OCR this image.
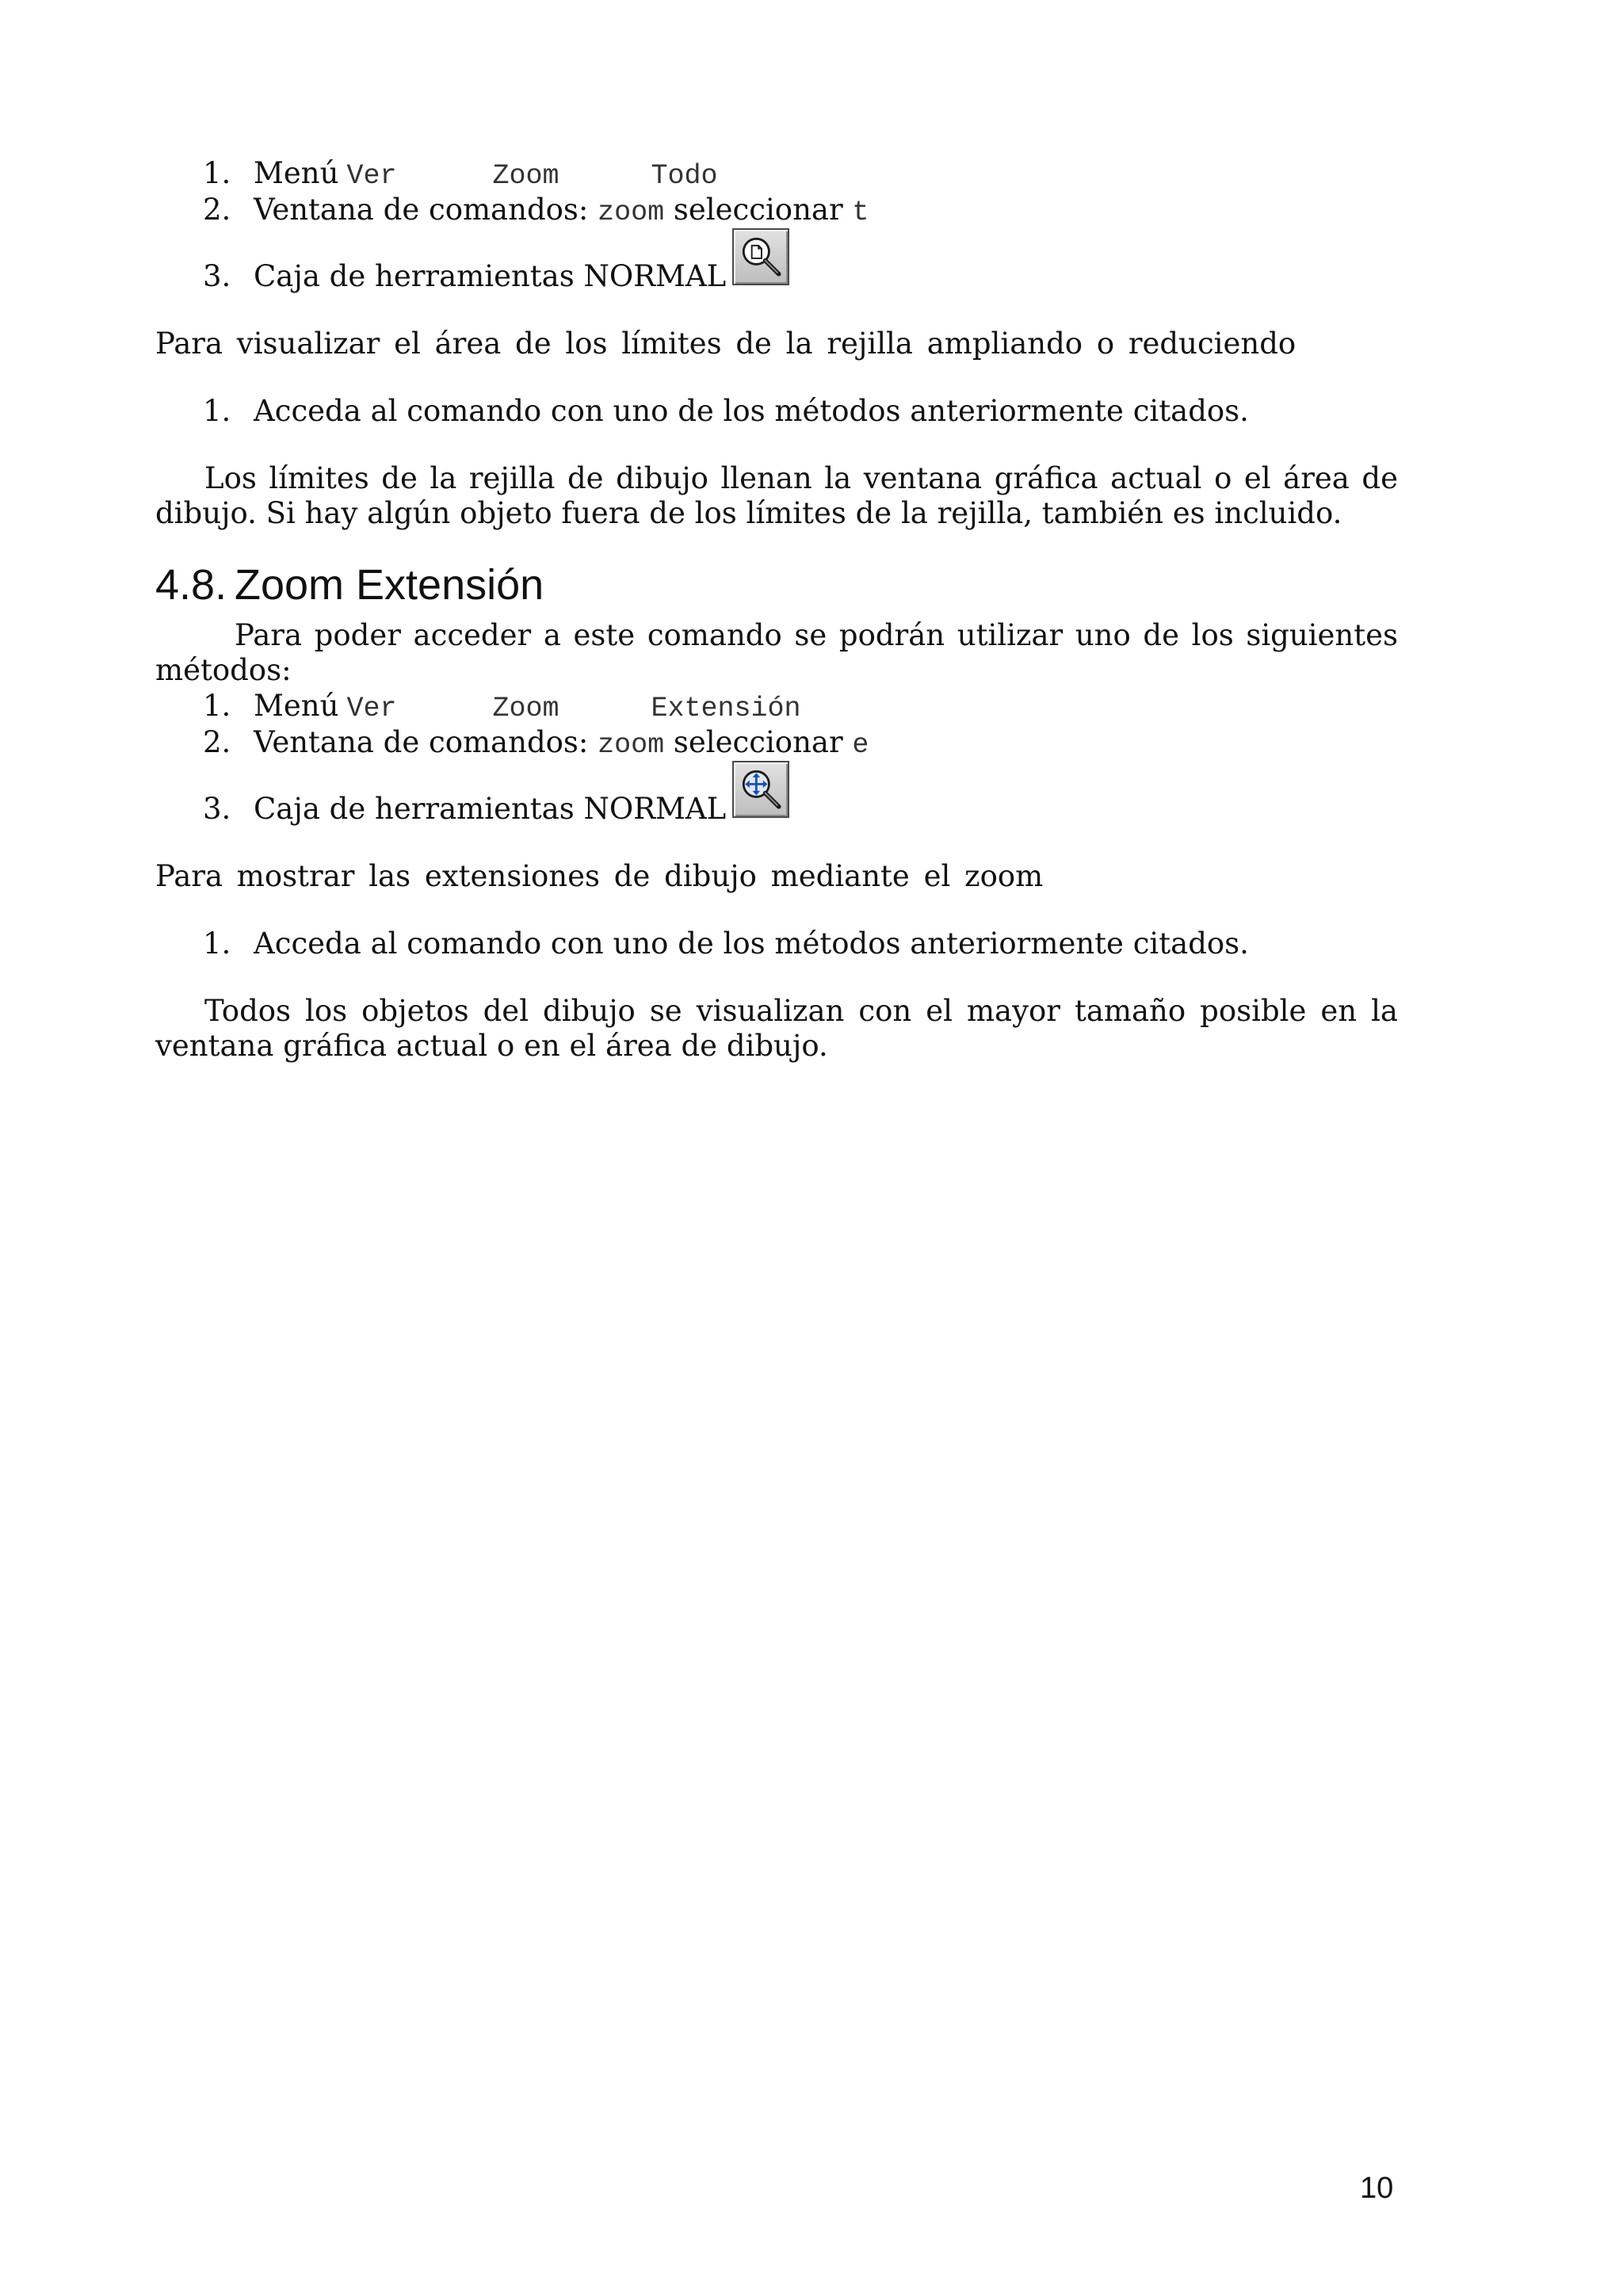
1. Menú Ver	Zoom	Todo
2. Ventana de comandos: zoom seleccionar t
3. Caja de herramientas NORMAL

Para visualizar el área de los límites de la rejilla ampliando o reduciendo

1. Acceda al comando con uno de los métodos anteriormente citados.

Los límites de la rejilla de dibujo llenan la ventana gráfica actual o el área de dibujo. Si hay algún objeto fuera de los límites de la rejilla, también es incluido.

4.8. Zoom Extensión

Para poder acceder a este comando se podrán utilizar uno de los siguientes métodos:

1. Menú Ver	Zoom	Extensión
2. Ventana de comandos: zoom seleccionar e
3. Caja de herramientas NORMAL

Para mostrar las extensiones de dibujo mediante el zoom

1. Acceda al comando con uno de los métodos anteriormente citados.

Todos los objetos del dibujo se visualizan con el mayor tamaño posible en la ventana gráfica actual o en el área de dibujo.

10
